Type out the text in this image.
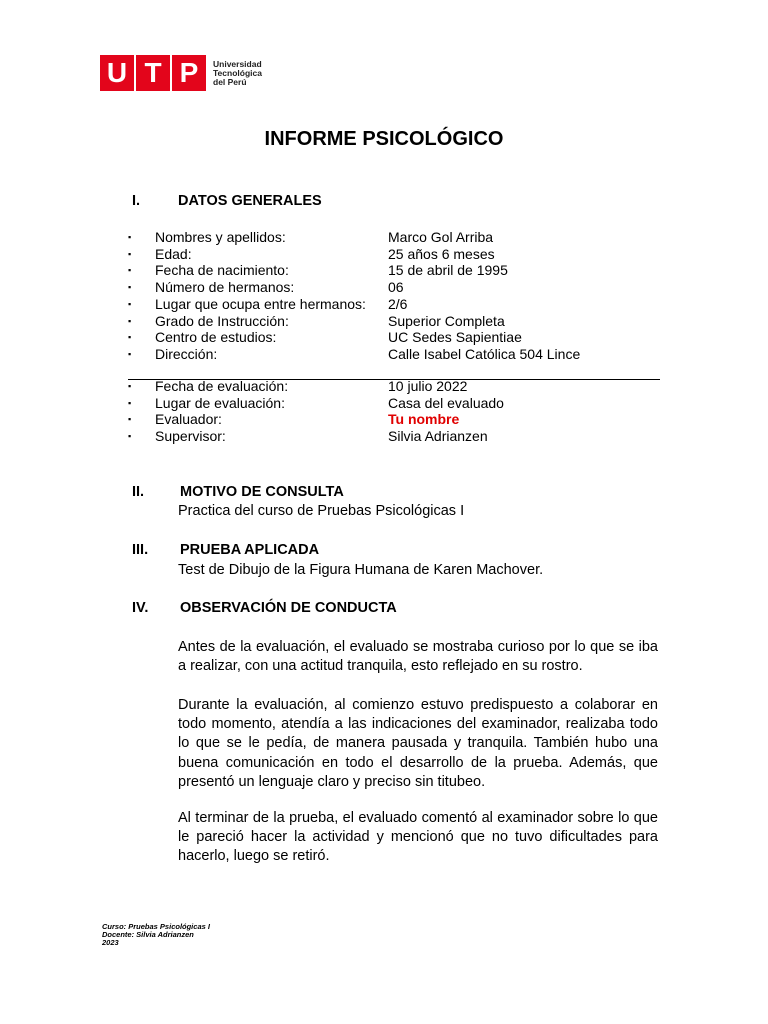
U T P	Universidad
Tecnológica
del Perú
INFORME PSICOLÓGICO
I.	DATOS GENERALES
▪ Nombres y apellidos:	Marco Gol Arriba
▪ Edad:	25 años 6 meses
▪ Fecha de nacimiento:	15 de abril de 1995
▪ Número de hermanos:	06
▪ Lugar que ocupa entre hermanos: 2/6
▪ Grado de Instrucción:	Superior Completa
▪ Centro de estudios:	UC Sedes Sapientiae
▪ Dirección:	Calle Isabel Católica 504 Lince
▪ Fecha de evaluación:	10 julio 2022
▪ Lugar de evaluación:	Casa del evaluado
▪ Evaluador:	Tu nombre
▪ Supervisor:	Silvia Adrianzen
II. MOTIVO DE CONSULTA
Practica del curso de Pruebas Psicológicas I
III. PRUEBA APLICADA
Test de Dibujo de la Figura Humana de Karen Machover.
IV. OBSERVACIÓN DE CONDUCTA
Antes de la evaluación, el evaluado se mostraba curioso por lo que se iba a realizar, con una actitud tranquila, esto reflejado en su rostro.
Durante la evaluación, al comienzo estuvo predispuesto a colaborar en todo momento, atendía a las indicaciones del examinador, realizaba todo lo que se le pedía, de manera pausada y tranquila. También hubo una buena comunicación en todo el desarrollo de la prueba. Además, que presentó un lenguaje claro y preciso sin titubeo.
Al terminar de la prueba, el evaluado comentó al examinador sobre lo que le pareció hacer la actividad y mencionó que no tuvo dificultades para hacerlo, luego se retiró.
Curso: Pruebas Psicológicas I
Docente: Silvia Adrianzen
2023
